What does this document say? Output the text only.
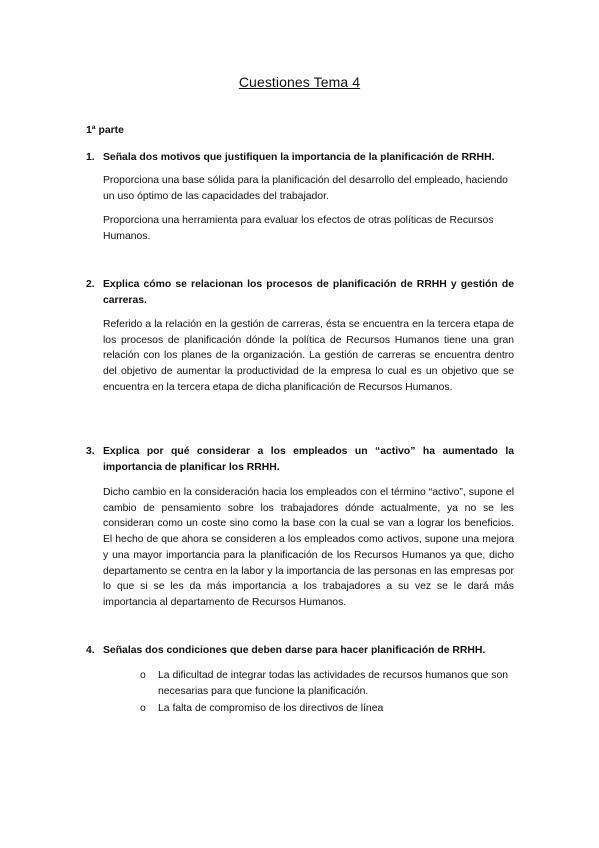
Cuestiones Tema 4
1ª parte
1. Señala dos motivos que justifiquen la importancia de la planificación de RRHH.
Proporciona una base sólida para la planificación del desarrollo del empleado, haciendo un uso óptimo de las capacidades del trabajador.
Proporciona una herramienta para evaluar los efectos de otras políticas de Recursos Humanos.
2. Explica cómo se relacionan los procesos de planificación de RRHH y gestión de carreras.
Referido a la relación en la gestión de carreras, ésta se encuentra en la tercera etapa de los procesos de planificación dónde la política de Recursos Humanos tiene una gran relación con los planes de la organización. La gestión de carreras se encuentra dentro del objetivo de aumentar la productividad de la empresa lo cual es un objetivo que se encuentra en la tercera etapa de dicha planificación de Recursos Humanos.
3. Explica por qué considerar a los empleados un “activo” ha aumentado la importancia de planificar los RRHH.
Dicho cambio en la consideración hacia los empleados con el término “activo”, supone el cambio de pensamiento sobre los trabajadores dónde actualmente, ya no se les consideran como un coste sino como la base con la cual se van a lograr los beneficios. El hecho de que ahora se consideren a los empleados como activos, supone una mejora y una mayor importancia para la planificación de los Recursos Humanos ya que, dicho departamento se centra en la labor y la importancia de las personas en las empresas por lo que si se les da más importancia a los trabajadores a su vez se le dará más importancia al departamento de Recursos Humanos.
4. Señalas dos condiciones que deben darse para hacer planificación de RRHH.
o La dificultad de integrar todas las actividades de recursos humanos que son necesarias para que funcione la planificación.
o La falta de compromiso de los directivos de línea
